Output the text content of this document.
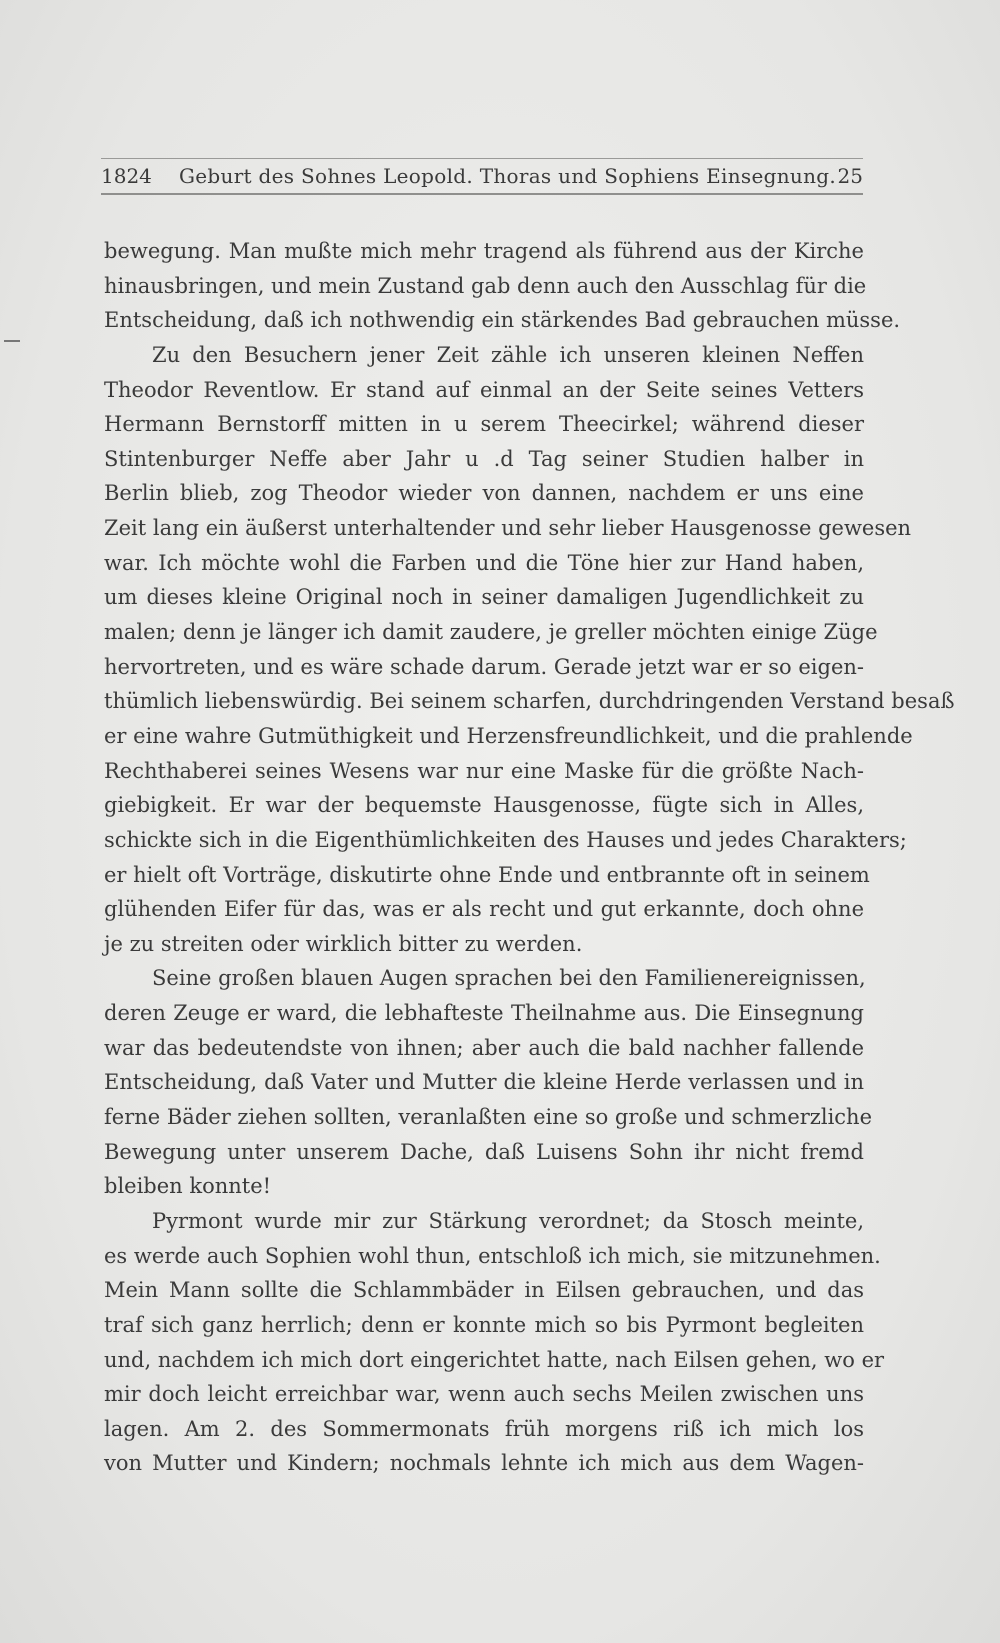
1824 Geburt des Sohnes Leopold. Thoras und Sophiens Einsegnung. 25
bewegung. Man mußte mich mehr tragend als führend aus der Kirche
hinausbringen, und mein Zustand gab denn auch den Ausschlag für die
Entscheidung, daß ich nothwendig ein stärkendes Bad gebrauchen müsse.
Zu den Besuchern jener Zeit zähle ich unseren kleinen Neffen
Theodor Reventlow. Er stand auf einmal an der Seite seines Vetters
Hermann Bernstorff mitten in u serem Theecirkel; während dieser
Stintenburger Neffe aber Jahr u .d Tag seiner Studien halber in
Berlin blieb, zog Theodor wieder von dannen, nachdem er uns eine
Zeit lang ein äußerst unterhaltender und sehr lieber Hausgenosse gewesen
war. Ich möchte wohl die Farben und die Töne hier zur Hand haben,
um dieses kleine Original noch in seiner damaligen Jugendlichkeit zu
malen; denn je länger ich damit zaudere, je greller möchten einige Züge
hervortreten, und es wäre schade darum. Gerade jetzt war er so eigen-
thümlich liebenswürdig. Bei seinem scharfen, durchdringenden Verstand besaß
er eine wahre Gutmüthigkeit und Herzensfreundlichkeit, und die prahlende
Rechthaberei seines Wesens war nur eine Maske für die größte Nach-
giebigkeit. Er war der bequemste Hausgenosse, fügte sich in Alles,
schickte sich in die Eigenthümlichkeiten des Hauses und jedes Charakters;
er hielt oft Vorträge, diskutirte ohne Ende und entbrannte oft in seinem
glühenden Eifer für das, was er als recht und gut erkannte, doch ohne
je zu streiten oder wirklich bitter zu werden.
Seine großen blauen Augen sprachen bei den Familienereignissen,
deren Zeuge er ward, die lebhafteste Theilnahme aus. Die Einsegnung
war das bedeutendste von ihnen; aber auch die bald nachher fallende
Entscheidung, daß Vater und Mutter die kleine Herde verlassen und in
ferne Bäder ziehen sollten, veranlaßten eine so große und schmerzliche
Bewegung unter unserem Dache, daß Luisens Sohn ihr nicht fremd
bleiben konnte!
Pyrmont wurde mir zur Stärkung verordnet; da Stosch meinte,
es werde auch Sophien wohl thun, entschloß ich mich, sie mitzunehmen.
Mein Mann sollte die Schlammbäder in Eilsen gebrauchen, und das
traf sich ganz herrlich; denn er konnte mich so bis Pyrmont begleiten
und, nachdem ich mich dort eingerichtet hatte, nach Eilsen gehen, wo er
mir doch leicht erreichbar war, wenn auch sechs Meilen zwischen uns
lagen. Am 2. des Sommermonats früh morgens riß ich mich los
von Mutter und Kindern; nochmals lehnte ich mich aus dem Wagen-
